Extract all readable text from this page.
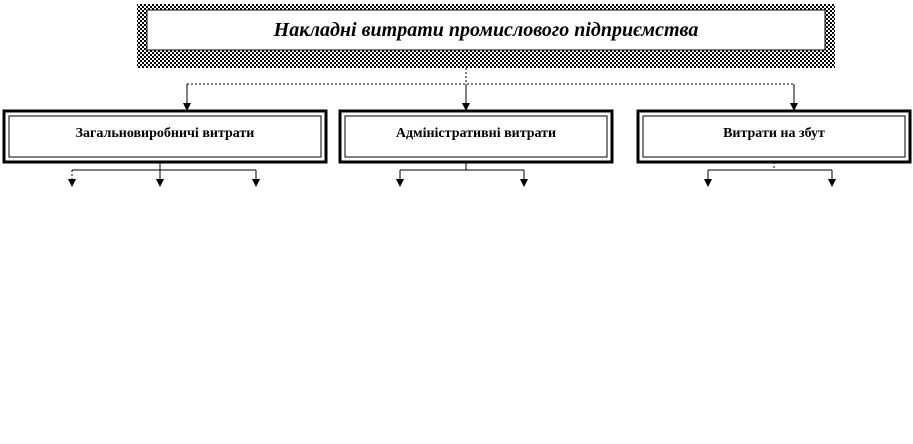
Накладні витрати промислового підприємства
Загальновиробничі витрати	Адміністративні витрати	Витрати на збут
